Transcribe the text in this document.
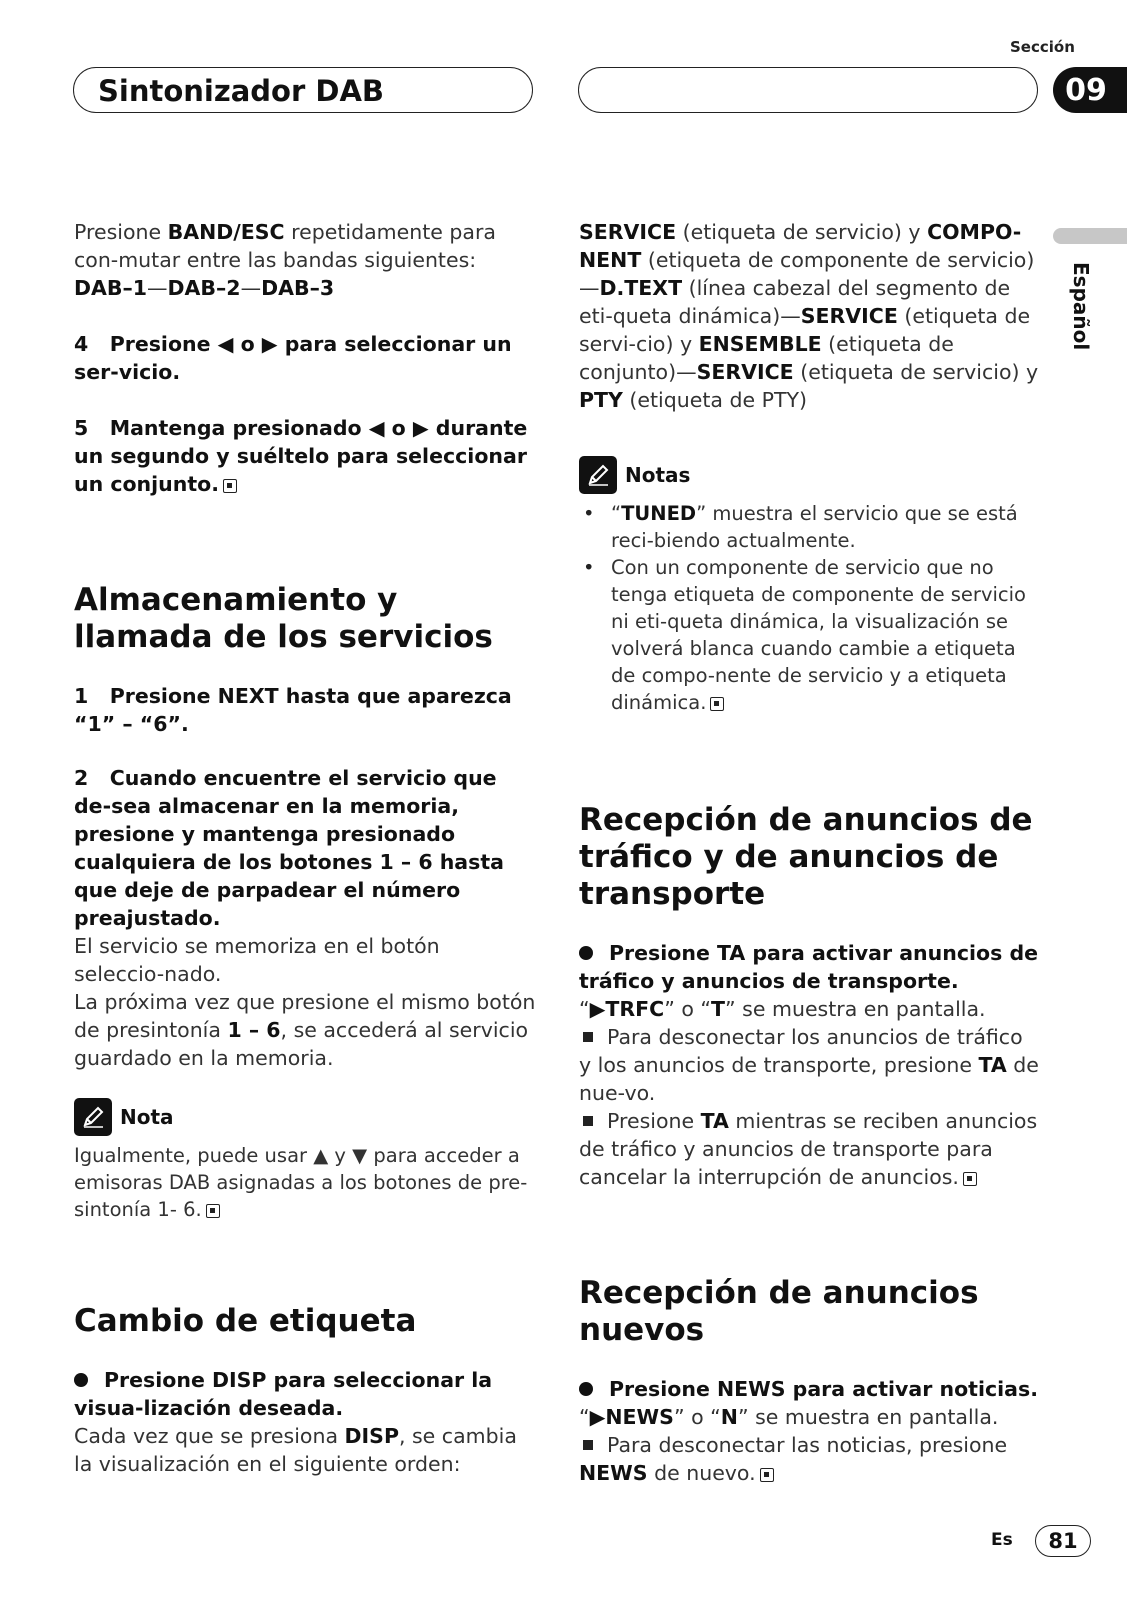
Sección
Sintonizador DAB	09
Español

Presione BAND/ESC repetidamente para con-mutar entre las bandas siguientes:

DAB–1—DAB–2—DAB–3

4 Presione ◀ o ▶ para seleccionar un ser-vicio.

5 Mantenga presionado ◀ o ▶ durante un segundo y suéltelo para seleccionar un conjunto.

Almacenamiento y llamada de los servicios

1 Presione NEXT hasta que aparezca “1” – “6”.

2 Cuando encuentre el servicio que de-sea almacenar en la memoria, presione y mantenga presionado cualquiera de los botones 1 – 6 hasta que deje de parpadear el número preajustado.

El servicio se memoriza en el botón seleccio-nado.

La próxima vez que presione el mismo botón de presintonía 1 – 6, se accederá al servicio guardado en la memoria.

Nota

Igualmente, puede usar ▲ y ▼ para acceder a emisoras DAB asignadas a los botones de pre-sintonía 1- 6.

Cambio de etiqueta

Presione DISP para seleccionar la visua-lización deseada.

Cada vez que se presiona DISP, se cambia la visualización en el siguiente orden:

SERVICE (etiqueta de servicio) y COMPO-NENT (etiqueta de componente de servicio)—D.TEXT (línea cabezal del segmento de eti-queta dinámica)—SERVICE (etiqueta de servi-cio) y ENSEMBLE (etiqueta de conjunto)—SERVICE (etiqueta de servicio) y PTY (etiqueta de PTY)

Notas
• “TUNED” muestra el servicio que se está reci-biendo actualmente.
• Con un componente de servicio que no tenga etiqueta de componente de servicio ni eti-queta dinámica, la visualización se volverá blanca cuando cambie a etiqueta de compo-nente de servicio y a etiqueta dinámica.
Recepción de anuncios de tráfico y de anuncios de transporte

Presione TA para activar anuncios de tráfico y anuncios de transporte.

“▶TRFC” o “T” se muestra en pantalla.

Para desconectar los anuncios de tráfico y los anuncios de transporte, presione TA de nue-vo.

Presione TA mientras se reciben anuncios de tráfico y anuncios de transporte para cancelar la interrupción de anuncios.

Recepción de anuncios nuevos

Presione NEWS para activar noticias.

“▶NEWS” o “N” se muestra en pantalla.

Para desconectar las noticias, presione NEWS de nuevo.

Es	81
